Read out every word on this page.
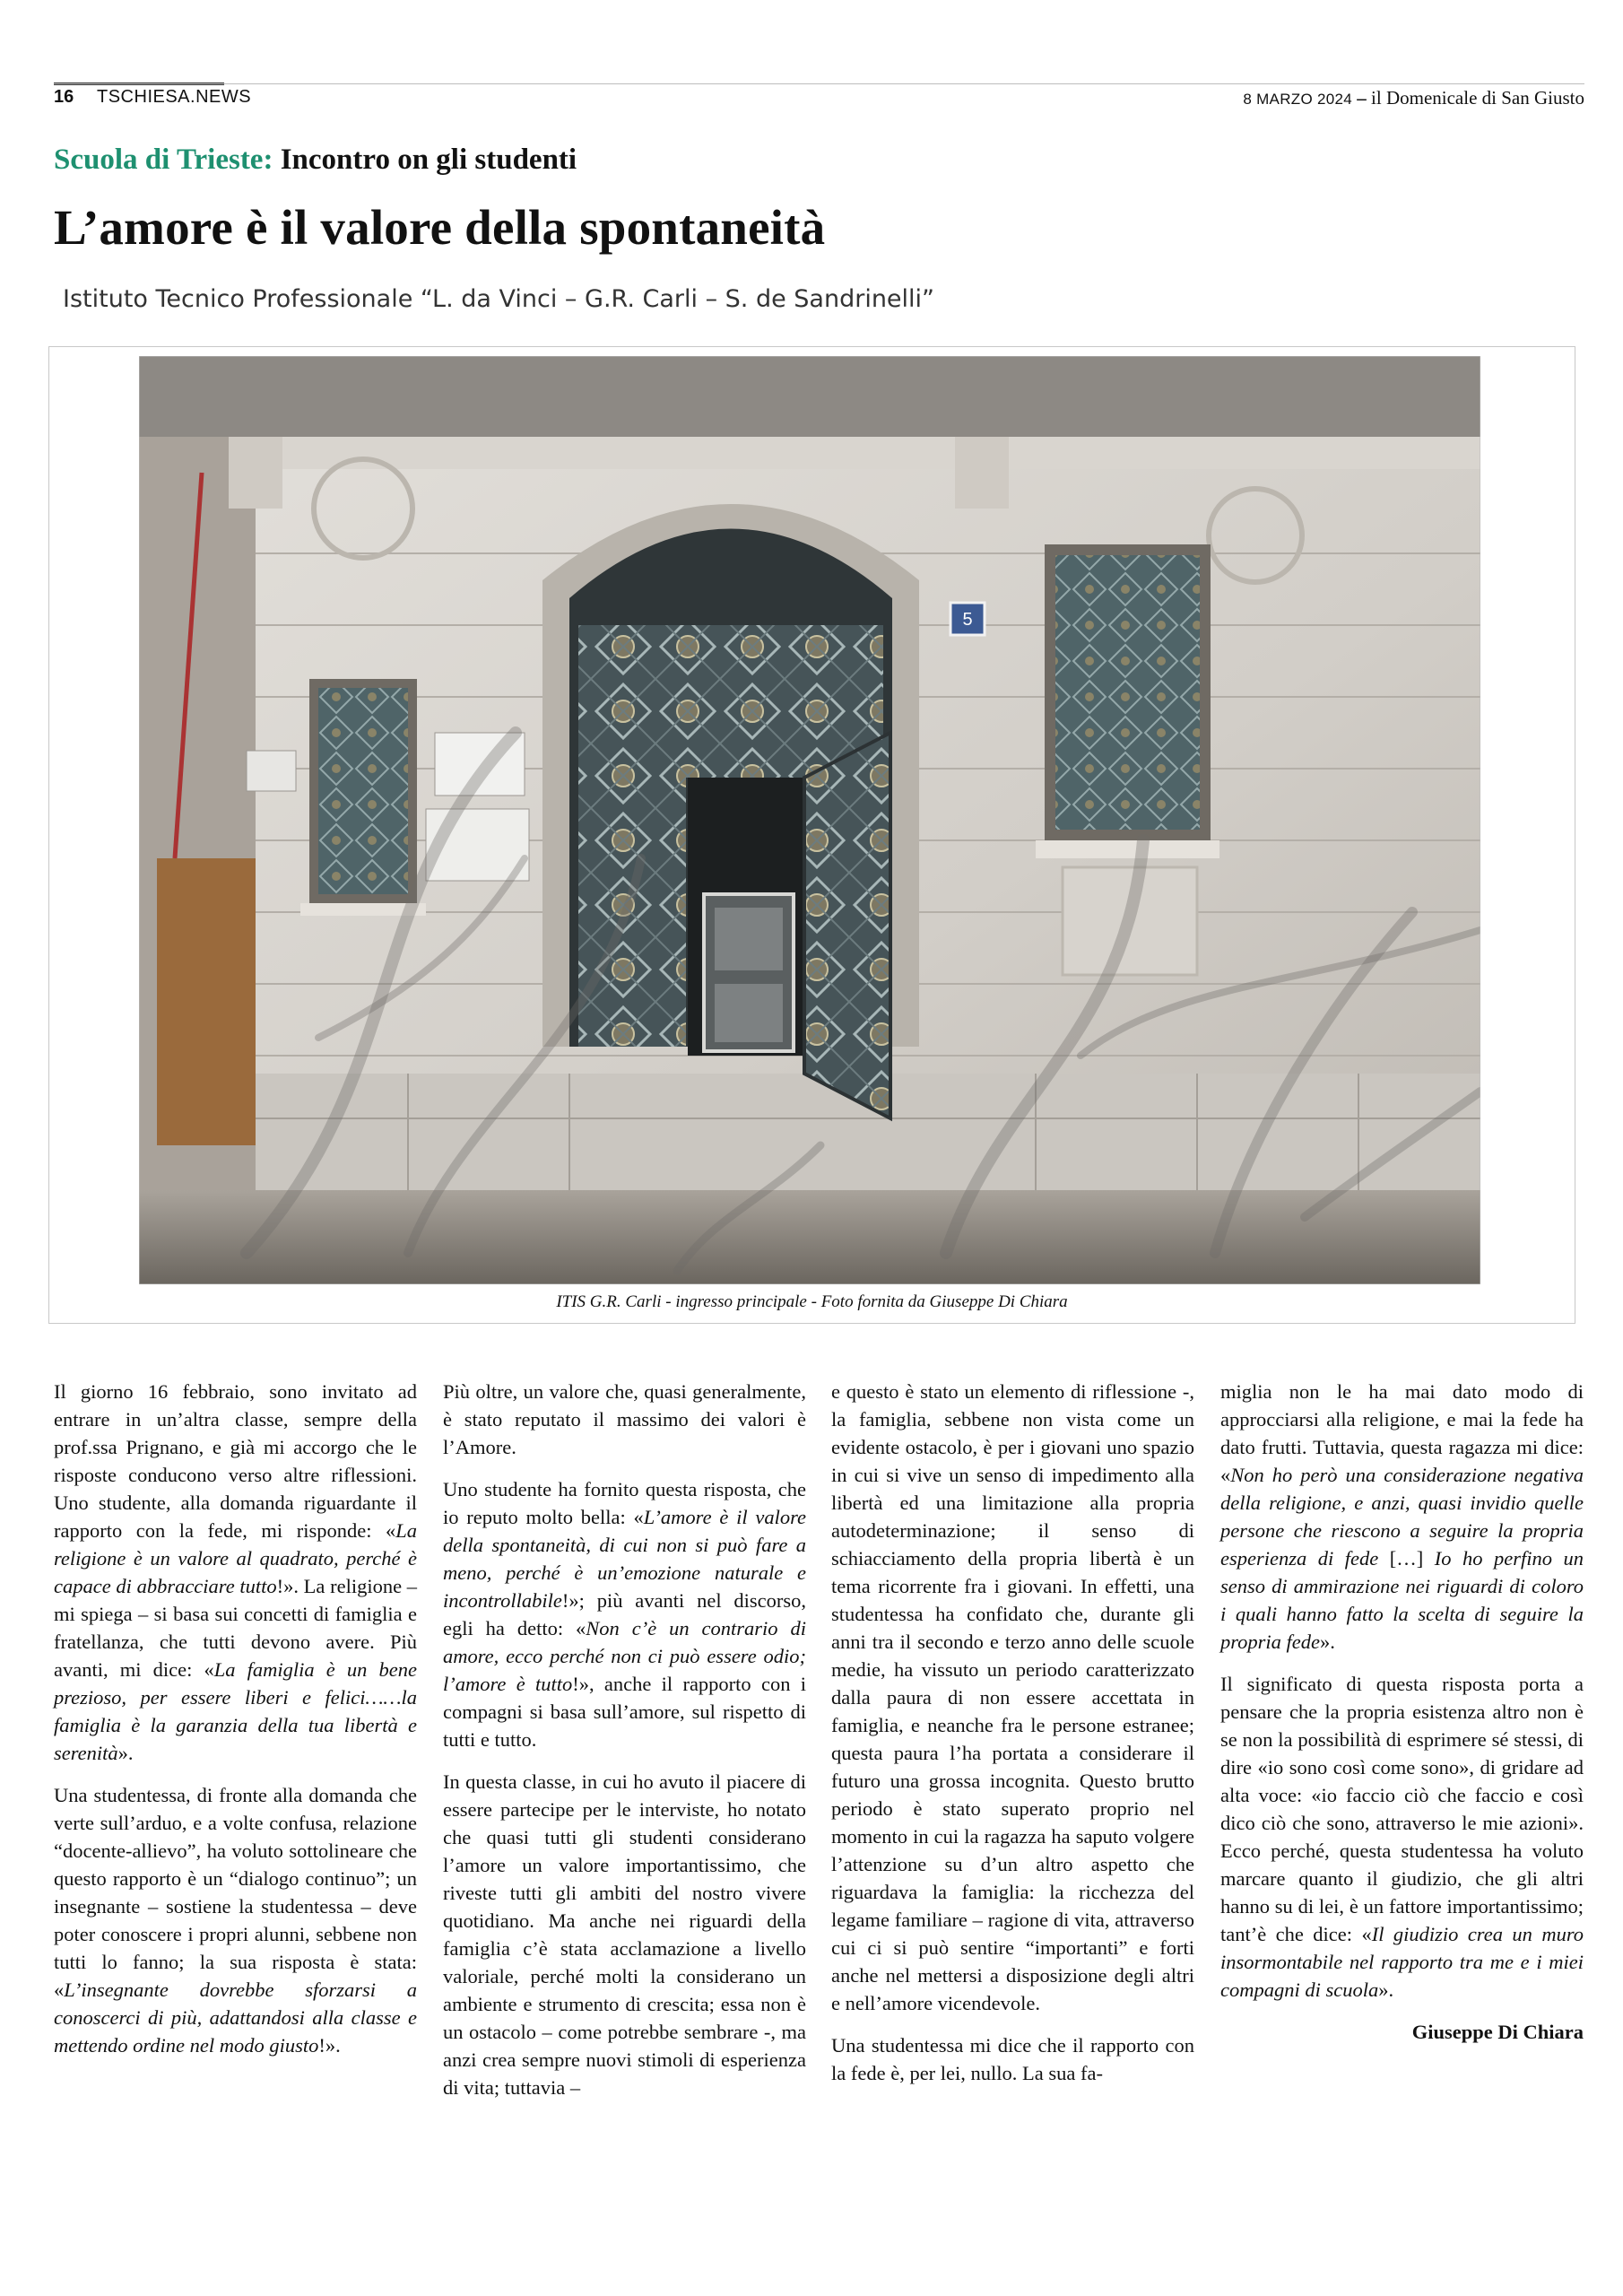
16 TSCHIESA.NEWS	8 MARZO 2024 – il Domenicale di San Giusto
Scuola di Trieste: Incontro on gli studenti
L’amore è il valore della spontaneità
Istituto Tecnico Professionale “L. da Vinci – G.R. Carli – S. de Sandrinelli”
5
ITIS G.R. Carli - ingresso principale - Foto fornita da Giuseppe Di Chiara

Il giorno 16 febbraio, sono invitato ad entrare in un’altra classe, sempre della prof.ssa Prignano, e già mi accorgo che le risposte conducono verso altre riflessioni. Uno studente, alla domanda riguardante il rapporto con la fede, mi risponde: «La religione è un valore al quadrato, perché è capace di abbracciare tutto!». La religione – mi spiega – si basa sui concetti di famiglia e fratellanza, che tutti devono avere. Più avanti, mi dice: «La famiglia è un bene prezioso, per essere liberi e felici……la famiglia è la garanzia della tua libertà e serenità».

Una studentessa, di fronte alla domanda che verte sull’arduo, e a volte confusa, relazione “docente-allievo”, ha voluto sottolineare che questo rapporto è un “dialogo continuo”; un insegnante – sostiene la studentessa – deve poter conoscere i propri alunni, sebbene non tutti lo fanno; la sua risposta è stata: «L’insegnante dovrebbe sforzarsi a conoscerci di più, adattandosi alla classe e mettendo ordine nel modo giusto!».

Più oltre, un valore che, quasi generalmente, è stato reputato il massimo dei valori è l’Amore.

Uno studente ha fornito questa risposta, che io reputo molto bella: «L’amore è il valore della spontaneità, di cui non si può fare a meno, perché è un’emozione naturale e incontrollabile!»; più avanti nel discorso, egli ha detto: «Non c’è un contrario di amore, ecco perché non ci può essere odio; l’amore è tutto!», anche il rapporto con i compagni si basa sull’amore, sul rispetto di tutti e tutto.

In questa classe, in cui ho avuto il piacere di essere partecipe per le interviste, ho notato che quasi tutti gli studenti considerano l’amore un valore importantissimo, che riveste tutti gli ambiti del nostro vivere quotidiano. Ma anche nei riguardi della famiglia c’è stata acclamazione a livello valoriale, perché molti la considerano un ambiente e strumento di crescita; essa non è un ostacolo – come potrebbe sembrare -, ma anzi crea sempre nuovi stimoli di esperienza di vita; tuttavia –

e questo è stato un elemento di riflessione -, la famiglia, sebbene non vista come un evidente ostacolo, è per i giovani uno spazio in cui si vive un senso di impedimento alla libertà ed una limitazione alla propria autodeterminazione; il senso di schiacciamento della propria libertà è un tema ricorrente fra i giovani. In effetti, una studentessa ha confidato che, durante gli anni tra il secondo e terzo anno delle scuole medie, ha vissuto un periodo caratterizzato dalla paura di non essere accettata in famiglia, e neanche fra le persone estranee; questa paura l’ha portata a considerare il futuro una grossa incognita. Questo brutto periodo è stato superato proprio nel momento in cui la ragazza ha saputo volgere l’attenzione su d’un altro aspetto che riguardava la famiglia: la ricchezza del legame familiare – ragione di vita, attraverso cui ci si può sentire “importanti” e forti anche nel mettersi a disposizione degli altri e nell’amore vicendevole.

Una studentessa mi dice che il rapporto con la fede è, per lei, nullo. La sua fa-

miglia non le ha mai dato modo di approcciarsi alla religione, e mai la fede ha dato frutti. Tuttavia, questa ragazza mi dice: «Non ho però una considerazione negativa della religione, e anzi, quasi invidio quelle persone che riescono a seguire la propria esperienza di fede […] Io ho perfino un senso di ammirazione nei riguardi di coloro i quali hanno fatto la scelta di seguire la propria fede».

Il significato di questa risposta porta a pensare che la propria esistenza altro non è se non la possibilità di esprimere sé stessi, di dire «io sono così come sono», di gridare ad alta voce: «io faccio ciò che faccio e così dico ciò che sono, attraverso le mie azioni». Ecco perché, questa studentessa ha voluto marcare quanto il giudizio, che gli altri hanno su di lei, è un fattore importantissimo; tant’è che dice: «Il giudizio crea un muro insormontabile nel rapporto tra me e i miei compagni di scuola».

Giuseppe Di Chiara
